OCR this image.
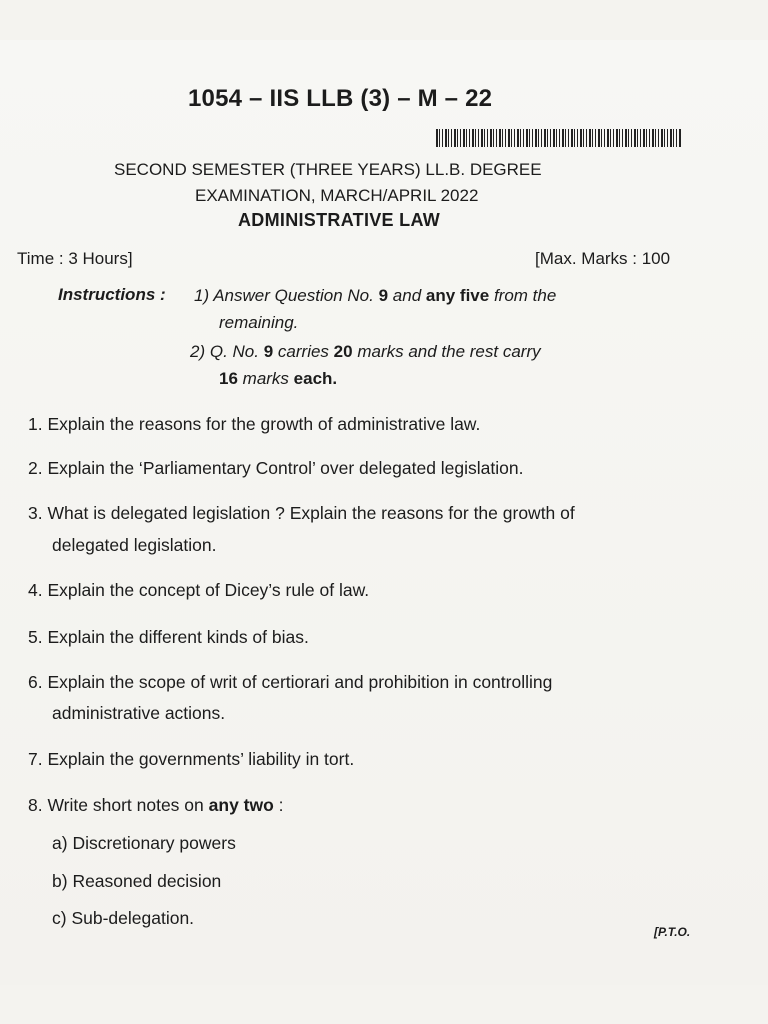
1054 – IIS LLB (3) – M – 22
SECOND SEMESTER (THREE YEARS) LL.B. DEGREE
EXAMINATION, MARCH/APRIL 2022
ADMINISTRATIVE LAW
Time : 3 Hours]	[Max. Marks : 100
Instructions : 1) Answer Question No. 9 and any five from the
remaining.
2) Q. No. 9 carries 20 marks and the rest carry
16 marks each.
1. Explain the reasons for the growth of administrative law.
2. Explain the ‘Parliamentary Control’ over delegated legislation.
3. What is delegated legislation ? Explain the reasons for the growth of
delegated legislation.
4. Explain the concept of Dicey’s rule of law.
5. Explain the different kinds of bias.
6. Explain the scope of writ of certiorari and prohibition in controlling
administrative actions.
7. Explain the governments’ liability in tort.
8. Write short notes on any two :
a) Discretionary powers
b) Reasoned decision
c) Sub-delegation.
[P.T.O.
